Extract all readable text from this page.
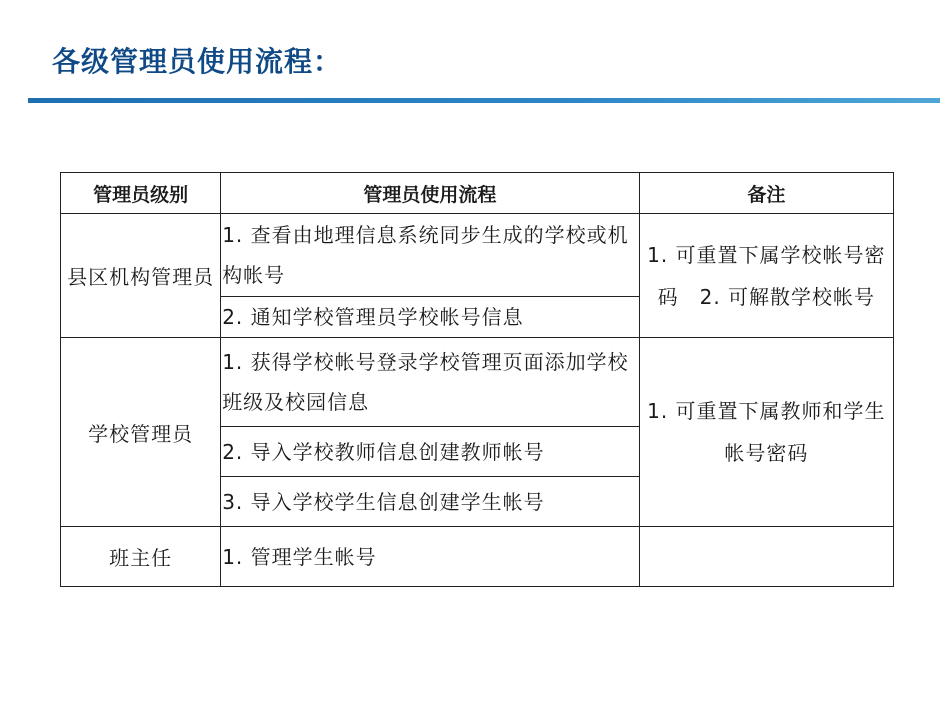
各级管理员使用流程：
管理员级别	管理员使用流程	备注
县区机构管理员	1. 查看由地理信息系统同步生成的学校或机构帐号	1. 可重置下属学校帐号密码　2. 可解散学校帐号
	2. 通知学校管理员学校帐号信息	
学校管理员	1. 获得学校帐号登录学校管理页面添加学校班级及校园信息	1. 可重置下属教师和学生帐号密码
	2. 导入学校教师信息创建教师帐号	
	3. 导入学校学生信息创建学生帐号	
班主任	1. 管理学生帐号	
